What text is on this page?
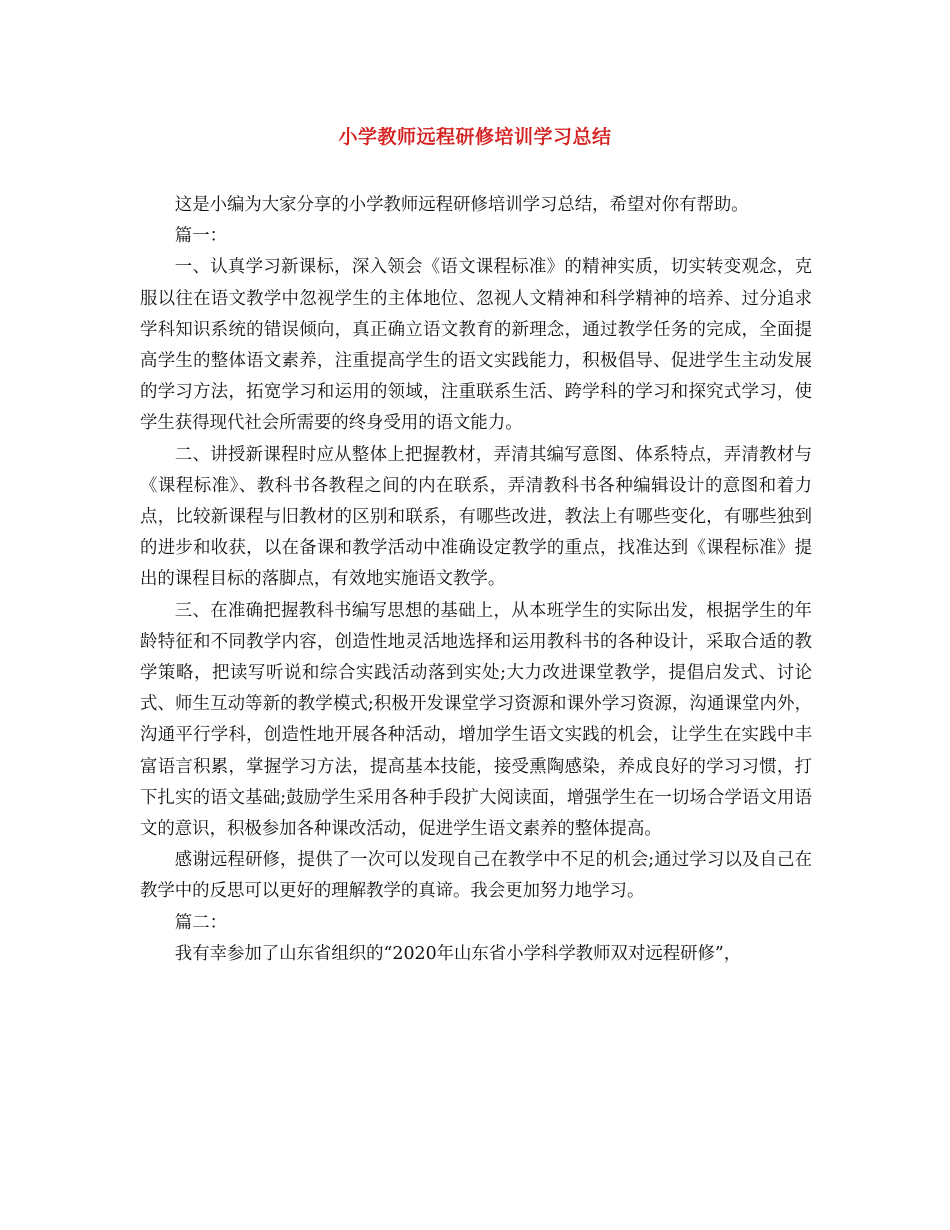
小学教师远程研修培训学习总结

这是小编为大家分享的小学教师远程研修培训学习总结，希望对你有帮助。

篇一：

一、认真学习新课标，深入领会《语文课程标准》的精神实质，切实转变观念，克服以往在语文教学中忽视学生的主体地位、忽视人文精神和科学精神的培养、过分追求学科知识系统的错误倾向，真正确立语文教育的新理念，通过教学任务的完成，全面提高学生的整体语文素养，注重提高学生的语文实践能力，积极倡导、促进学生主动发展的学习方法，拓宽学习和运用的领域，注重联系生活、跨学科的学习和探究式学习，使学生获得现代社会所需要的终身受用的语文能力。

二、讲授新课程时应从整体上把握教材，弄清其编写意图、体系特点，弄清教材与《课程标准》、教科书各教程之间的内在联系，弄清教科书各种编辑设计的意图和着力点，比较新课程与旧教材的区别和联系，有哪些改进，教法上有哪些变化，有哪些独到的进步和收获，以在备课和教学活动中准确设定教学的重点，找准达到《课程标准》提出的课程目标的落脚点，有效地实施语文教学。

三、在准确把握教科书编写思想的基础上，从本班学生的实际出发，根据学生的年龄特征和不同教学内容，创造性地灵活地选择和运用教科书的各种设计，采取合适的教学策略，把读写听说和综合实践活动落到实处;大力改进课堂教学，提倡启发式、讨论式、师生互动等新的教学模式;积极开发课堂学习资源和课外学习资源，沟通课堂内外，沟通平行学科，创造性地开展各种活动，增加学生语文实践的机会，让学生在实践中丰富语言积累，掌握学习方法，提高基本技能，接受熏陶感染，养成良好的学习习惯，打下扎实的语文基础;鼓励学生采用各种手段扩大阅读面，增强学生在一切场合学语文用语文的意识，积极参加各种课改活动，促进学生语文素养的整体提高。

感谢远程研修，提供了一次可以发现自己在教学中不足的机会;通过学习以及自己在教学中的反思可以更好的理解教学的真谛。我会更加努力地学习。

篇二：

我有幸参加了山东省组织的“2020年山东省小学科学教师双对远程研修”，
